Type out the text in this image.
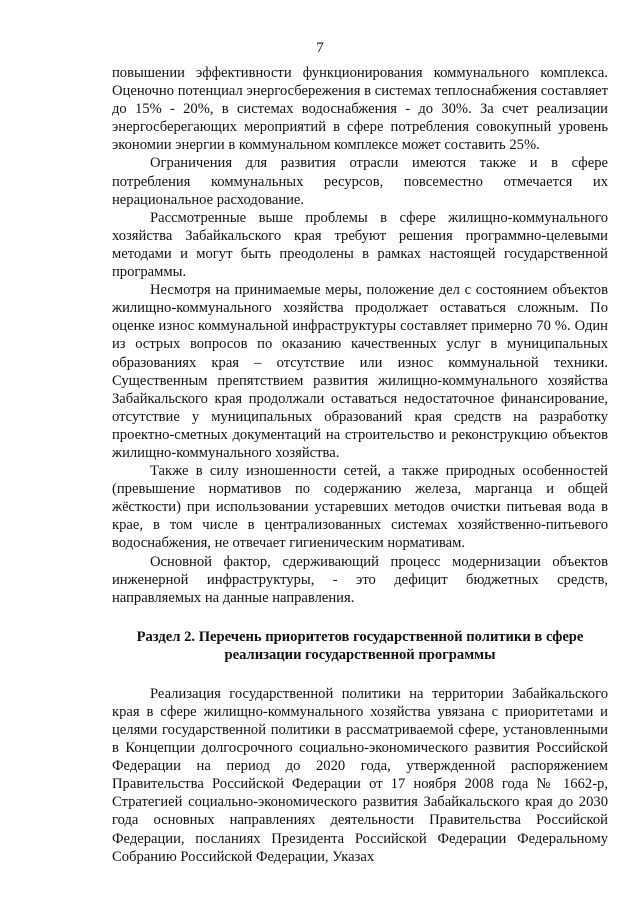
7

повышении эффективности функционирования коммунального комплекса. Оценочно потенциал энергосбережения в системах теплоснабжения составляет до 15% - 20%, в системах водоснабжения - до 30%. За счет реализации энергосберегающих мероприятий в сфере потребления совокупный уровень экономии энергии в коммунальном комплексе может составить 25%.

Ограничения для развития отрасли имеются также и в сфере потребления коммунальных ресурсов, повсеместно отмечается их нерациональное расходование.

Рассмотренные выше проблемы в сфере жилищно-коммунального хозяйства Забайкальского края требуют решения программно-целевыми методами и могут быть преодолены в рамках настоящей государственной программы.

Несмотря на принимаемые меры, положение дел с состоянием объектов жилищно-коммунального хозяйства продолжает оставаться сложным. По оценке износ коммунальной инфраструктуры составляет примерно 70 %. Один из острых вопросов по оказанию качественных услуг в муниципальных образованиях края – отсутствие или износ коммунальной техники. Существенным препятствием развития жилищно-коммунального хозяйства Забайкальского края продолжали оставаться недостаточное финансирование, отсутствие у муниципальных образований края средств на разработку проектно-сметных документаций на строительство и реконструкцию объектов жилищно-коммунального хозяйства.

Также в силу изношенности сетей, а также природных особенностей (превышение нормативов по содержанию железа, марганца и общей жёсткости) при использовании устаревших методов очистки питьевая вода в крае, в том числе в централизованных системах хозяйственно-питьевого водоснабжения, не отвечает гигиеническим нормативам.

Основной фактор, сдерживающий процесс модернизации объектов инженерной инфраструктуры, - это дефицит бюджетных средств, направляемых на данные направления.

Раздел 2. Перечень приоритетов государственной политики в сфере реализации государственной программы

Реализация государственной политики на территории Забайкальского края в сфере жилищно-коммунального хозяйства увязана с приоритетами и целями государственной политики в рассматриваемой сфере, установленными в Концепции долгосрочного социально-экономического развития Российской Федерации на период до 2020 года, утвержденной распоряжением Правительства Российской Федерации от 17 ноября 2008 года № 1662-р, Стратегией социально-экономического развития Забайкальского края до 2030 года основных направлениях деятельности Правительства Российской Федерации, посланиях Президента Российской Федерации Федеральному Собранию Российской Федерации, Указах
